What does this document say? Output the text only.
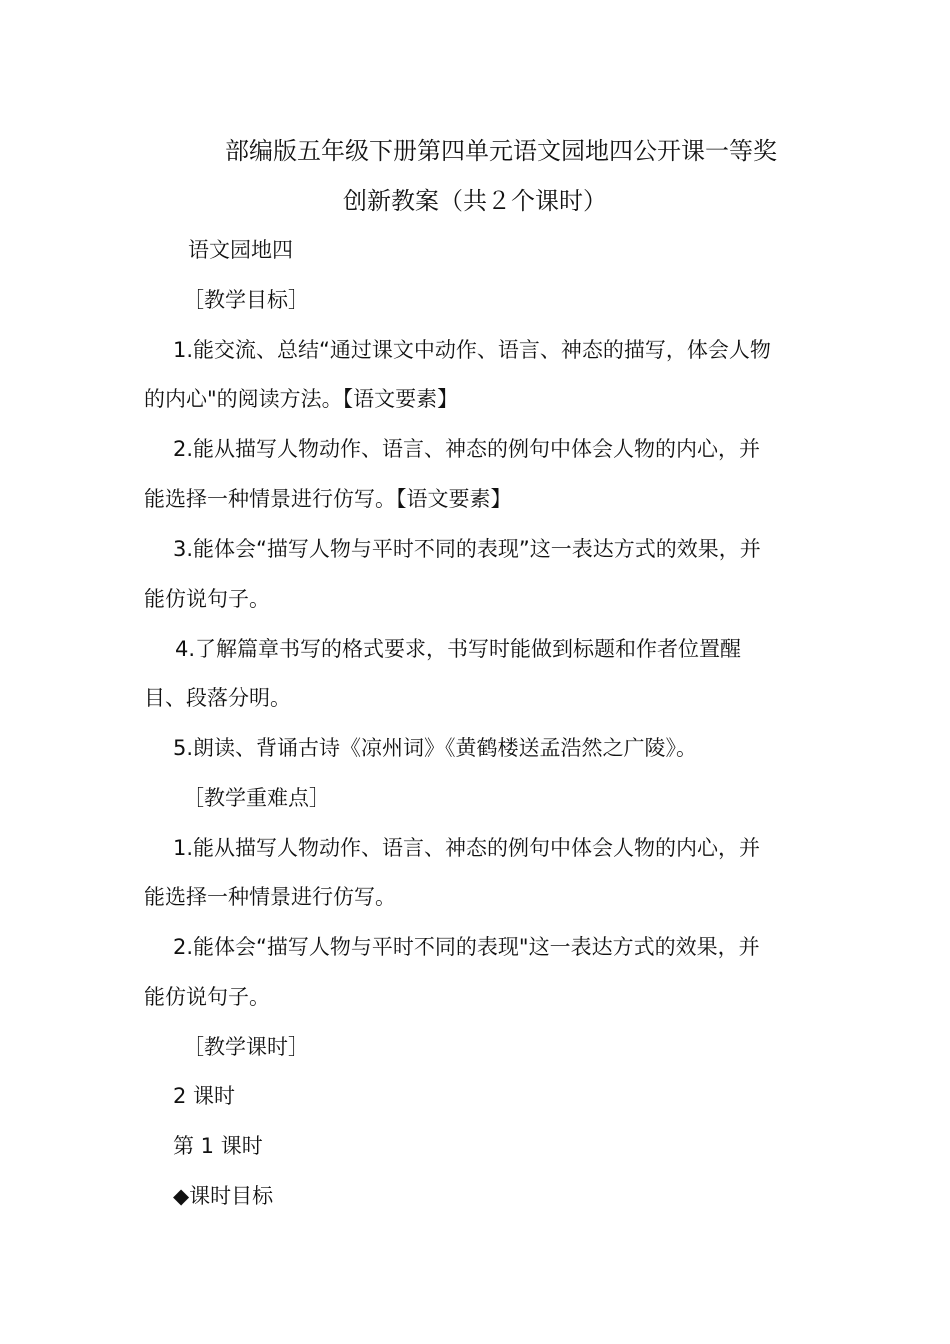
部编版五年级下册第四单元语文园地四公开课一等奖
创新教案（共２个课时）
语文园地四
［教学目标］
1.能交流、总结“通过课文中动作、语言、神态的描写，体会人物
的内心"的阅读方法。【语文要素】
2.能从描写人物动作、语言、神态的例句中体会人物的内心，并
能选择一种情景进行仿写。【语文要素】
3.能体会“描写人物与平时不同的表现”这一表达方式的效果，并
能仿说句子。
4.了解篇章书写的格式要求，书写时能做到标题和作者位置醒
目、段落分明。
5.朗读、背诵古诗《凉州词》《黄鹤楼送孟浩然之广陵》。
［教学重难点］
1.能从描写人物动作、语言、神态的例句中体会人物的内心，并
能选择一种情景进行仿写。
2.能体会“描写人物与平时不同的表现"这一表达方式的效果，并
能仿说句子。
［教学课时］
2 课时
第 1 课时
◆课时目标
